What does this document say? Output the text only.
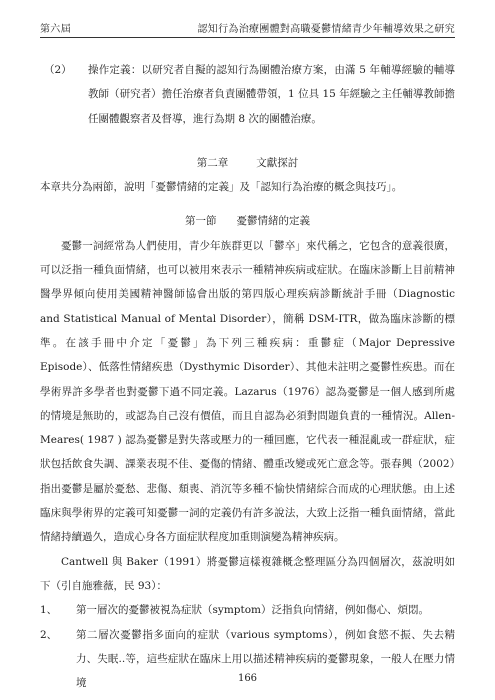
第六屆	認知行為治療團體對高職憂鬱情緒青少年輔導效果之研究

（2） 操作定義：以研究者自擬的認知行為團體治療方案，由滿 5 年輔導經驗的輔導教師（研究者）擔任治療者負責團體帶領，1 位具 15 年經驗之主任輔導教師擔任團體觀察者及督導，進行為期 8 次的團體治療。

第二章	文獻探討

本章共分為兩節，說明「憂鬱情緒的定義」及「認知行為治療的概念與技巧」。

第一節 憂鬱情緒的定義

憂鬱一詞經常為人們使用，青少年族群更以「鬱卒」來代稱之，它包含的意義很廣，可以泛指一種負面情緒，也可以被用來表示一種精神疾病或症狀。在臨床診斷上目前精神醫學界傾向使用美國精神醫師協會出版的第四版心理疾病診斷統計手冊（Diagnostic and Statistical Manual of Mental Disorder），簡稱 DSM-ITR，做為臨床診斷的標準。在該手冊中介定「憂鬱」為下列三種疾病：重鬱症（Major Depressive Episode）、低落性情緒疾患（Dysthymic Disorder）、其他未註明之憂鬱性疾患。而在學術界許多學者也對憂鬱下過不同定義。Lazarus（1976）認為憂鬱是一個人感到所處的情境是無助的，或認為自己沒有價值，而且自認為必須對問題負責的一種情況。Allen-Meares( 1987 ) 認為憂鬱是對失落或壓力的一種回應，它代表一種混亂或一群症狀，症狀包括飲食失調、課業表現不佳、憂傷的情緒、體重改變或死亡意念等。張春興（2002）指出憂鬱是屬於憂愁、悲傷、頹喪、消沉等多種不愉快情緒綜合而成的心理狀態。由上述臨床與學術界的定義可知憂鬱一詞的定義仍有許多說法，大致上泛指一種負面情緒，當此情緒持續過久，造成心身各方面症狀程度加重則演變為精神疾病。

Cantwell 與 Baker（1991）將憂鬱這樣複雜概念整理區分為四個層次，茲說明如下（引自施雅薇，民 93）：

1、 第一層次的憂鬱被視為症狀（symptom）泛指負向情緒，例如傷心、煩悶。

2、 第二層次憂鬱指多面向的症狀（various symptoms），例如食慾不振、失去精力、失眠..等，這些症狀在臨床上用以描述精神疾病的憂鬱現象，一般人在壓力情境	166
